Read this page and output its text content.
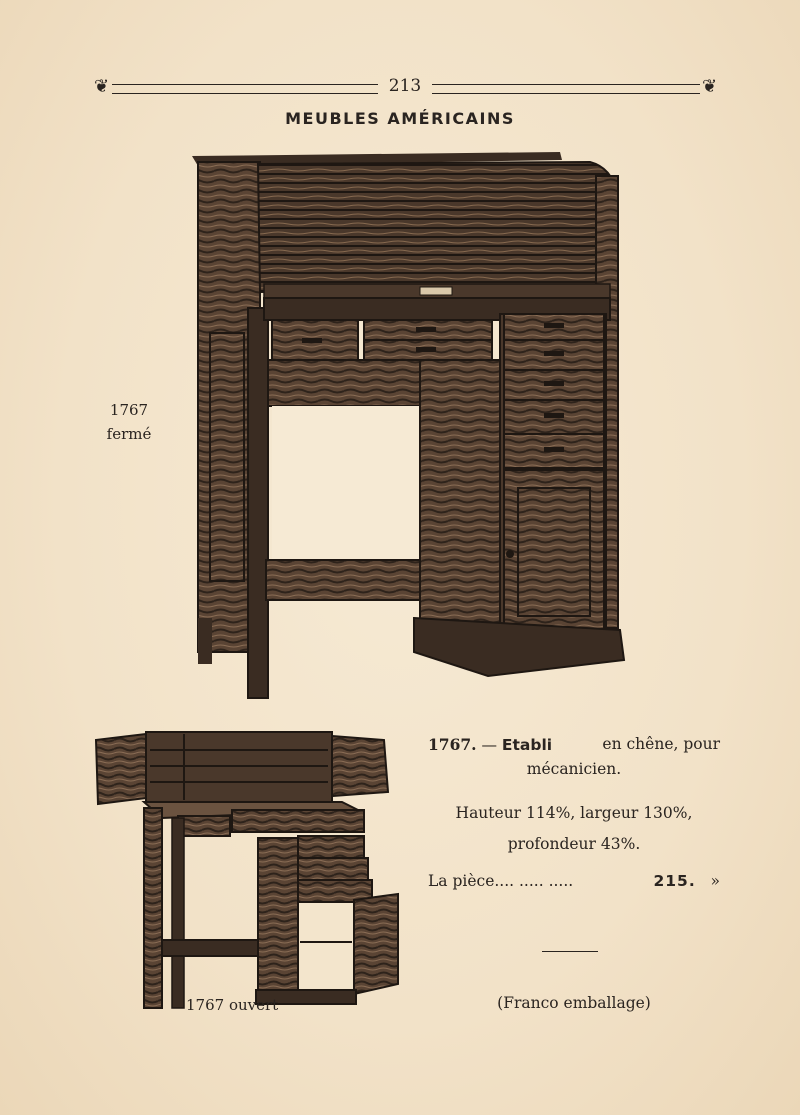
❦	213	❦
MEUBLES AMÉRICAINS
1767
fermé
1767 ouvert
1767. — Etabli	en chêne, pour
mécanicien.
Hauteur 114%, largeur 130%,
profondeur 43%.
La pièce.... ..... .....	215. »
(Franco emballage)
